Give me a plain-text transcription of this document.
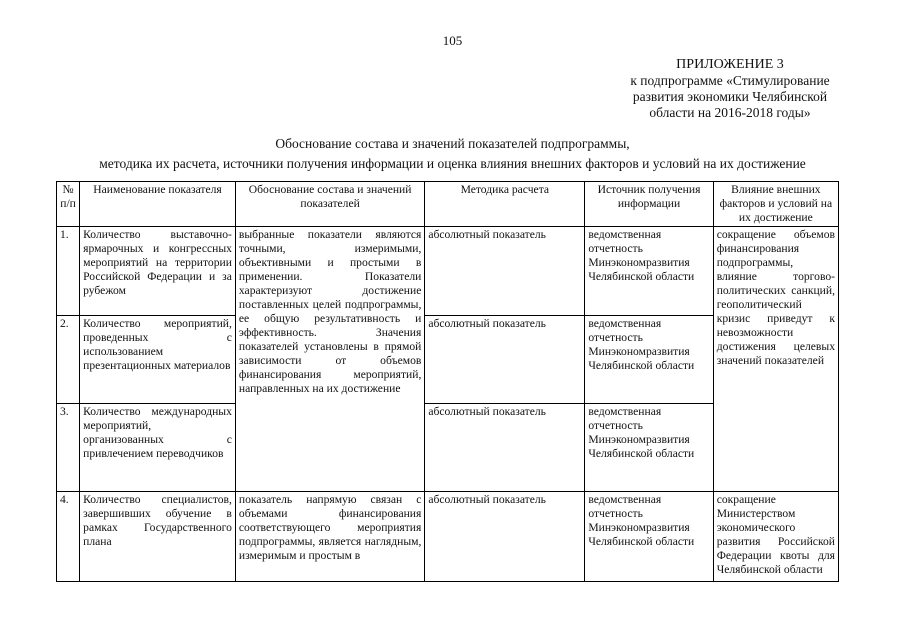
105
ПРИЛОЖЕНИЕ 3
к подпрограмме «Стимулирование
развития экономики Челябинской
области на 2016-2018 годы»
Обоснование состава и значений показателей подпрограммы,
методика их расчета, источники получения информации и оценка влияния внешних факторов и условий на их достижение
№ п/п	Наименование показателя	Обоснование состава и значений показателей	Методика расчета	Источник получения информации	Влияние внешних факторов и условий на их достижение
1.	Количество выставочно-ярмарочных и конгрессных мероприятий на территории Российской Федерации и за рубежом	выбранные показатели являются точными, измеримыми, объективными и простыми в применении. Показатели характеризуют достижение поставленных целей подпрограммы, ее общую результативность и эффективность. Значения показателей установлены в прямой зависимости от объемов финансирования мероприятий, направленных на их достижение	абсолютный показатель	ведомственная отчетность Минэкономразвития Челябинской области	сокращение объемов финансирования подпрограммы, влияние торгово-политических санкций, геополитический кризис приведут к невозможности достижения целевых значений показателей
2.	Количество мероприятий, проведенных с использованием презентационных материалов		абсолютный показатель	ведомственная отчетность Минэкономразвития Челябинской области	
3.	Количество международных мероприятий, организованных с привлечением переводчиков		абсолютный показатель	ведомственная отчетность Минэкономразвития Челябинской области	
4.	Количество специалистов, завершивших обучение в рамках Государственного плана	показатель напрямую связан с объемами финансирования соответствующего мероприятия подпрограммы, является наглядным, измеримым и простым в	абсолютный показатель	ведомственная отчетность Минэкономразвития Челябинской области	сокращение Министерством экономического развития Российской Федерации квоты для Челябинской области
